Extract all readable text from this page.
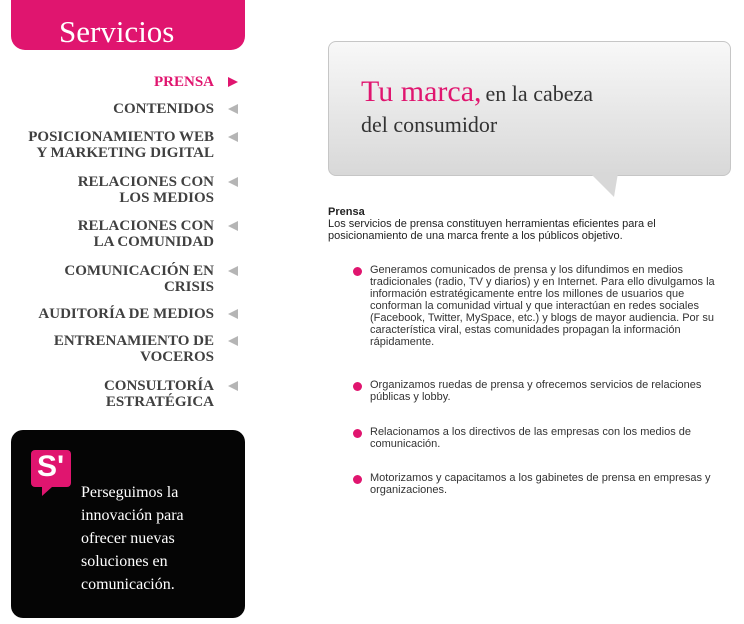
Servicios
PRENSA
CONTENIDOS
POSICIONAMIENTO WEB Y MARKETING DIGITAL
RELACIONES CON LOS MEDIOS
RELACIONES CON LA COMUNIDAD
COMUNICACIÓN EN CRISIS
AUDITORÍA DE MEDIOS
ENTRENAMIENTO DE VOCEROS
CONSULTORÍA ESTRATÉGICA
S'
Perseguimos la innovación para ofrecer nuevas soluciones en comunicación.
Tu marca, en la cabeza
del consumidor
Prensa
Los servicios de prensa constituyen herramientas eficientes para el posicionamiento de una marca frente a los públicos objetivo.
Generamos comunicados de prensa y los difundimos en medios tradicionales (radio, TV y diarios) y en Internet. Para ello divulgamos la información estratégicamente entre los millones de usuarios que conforman la comunidad virtual y que interactúan en redes sociales (Facebook, Twitter, MySpace, etc.) y blogs de mayor audiencia. Por su característica viral, estas comunidades propagan la información rápidamente.
Organizamos ruedas de prensa y ofrecemos servicios de relaciones públicas y lobby.
Relacionamos a los directivos de las empresas con los medios de comunicación.
Motorizamos y capacitamos a los gabinetes de prensa en empresas y organizaciones.
